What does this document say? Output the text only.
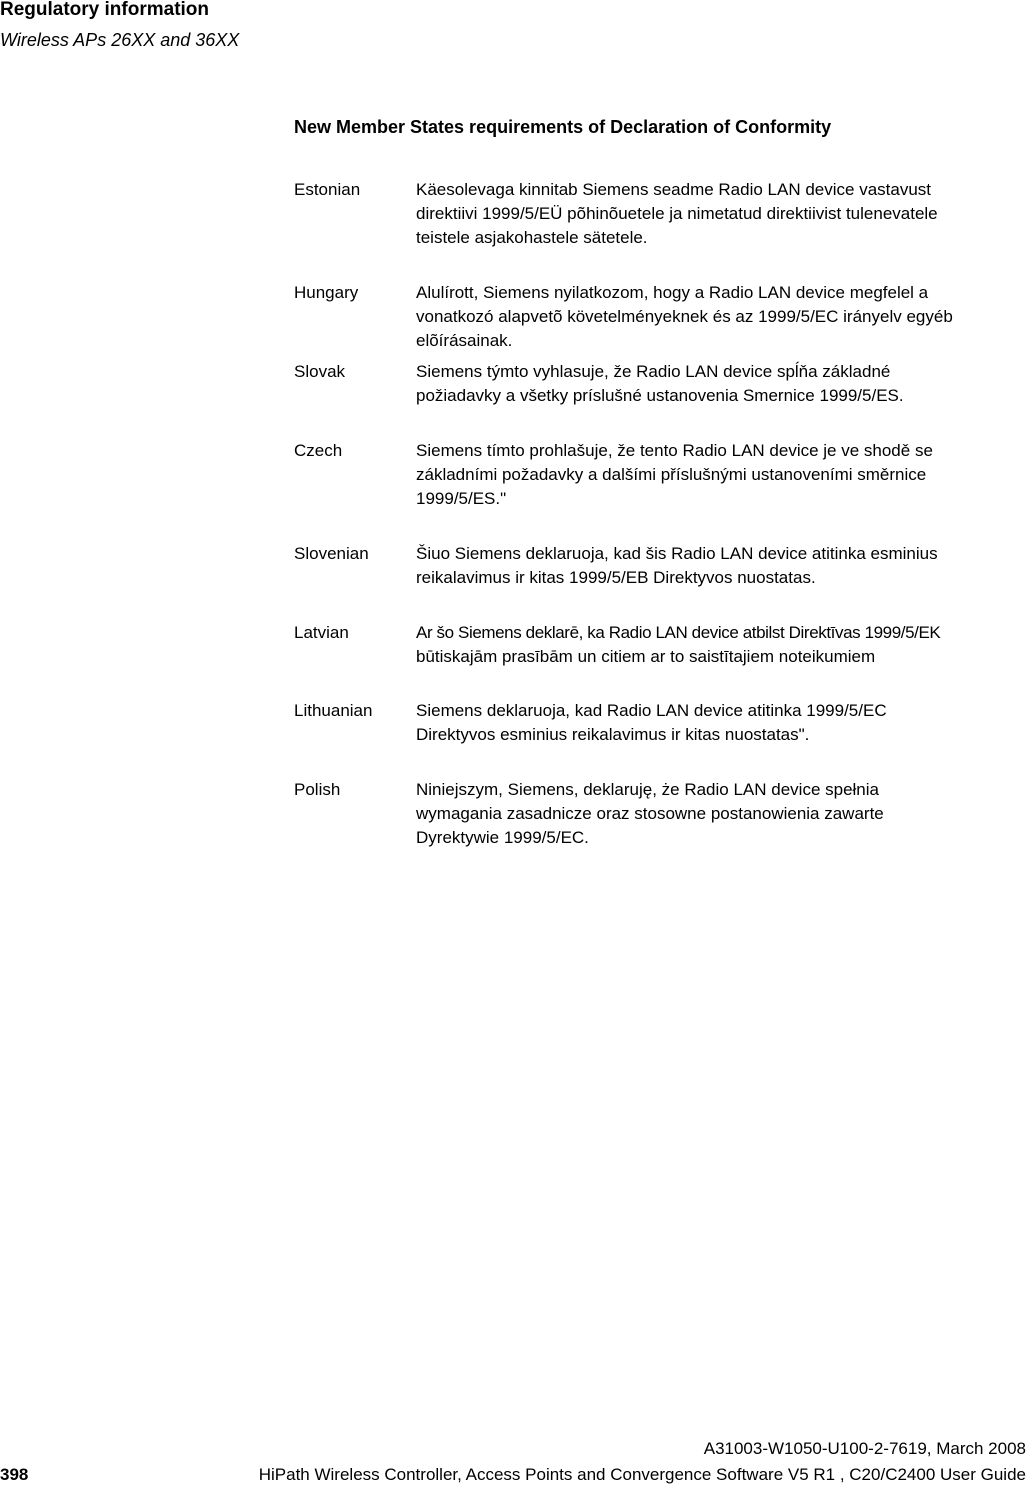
Regulatory information
Wireless APs 26XX and 36XX
New Member States requirements of Declaration of Conformity
Estonian	Käesolevaga kinnitab Siemens seadme Radio LAN device vastavust
direktiivi 1999/5/EÜ põhinõuetele ja nimetatud direktiivist tulenevatele
teistele asjakohastele sätetele.
Hungary	Alulírott, Siemens nyilatkozom, hogy a Radio LAN device megfelel a
vonatkozó alapvetõ követelményeknek és az 1999/5/EC irányelv egyéb
elõírásainak.
Slovak	Siemens týmto vyhlasuje, že Radio LAN device spĺňa základné
požiadavky a všetky príslušné ustanovenia Smernice 1999/5/ES.
Czech	Siemens tímto prohlašuje, že tento Radio LAN device je ve shodě se
základními požadavky a dalšími příslušnými ustanoveními směrnice
1999/5/ES."
Slovenian	Šiuo Siemens deklaruoja, kad šis Radio LAN device atitinka esminius
reikalavimus ir kitas 1999/5/EB Direktyvos nuostatas.
Latvian	Ar šo Siemens deklarē, ka Radio LAN device atbilst Direktīvas 1999/5/EK
būtiskajām prasībām un citiem ar to saistītajiem noteikumiem
Lithuanian	Siemens deklaruoja, kad Radio LAN device atitinka 1999/5/EC
Direktyvos esminius reikalavimus ir kitas nuostatas".
Polish	Niniejszym, Siemens, deklaruję, że Radio LAN device spełnia
wymagania zasadnicze oraz stosowne postanowienia zawarte
Dyrektywie 1999/5/EC.
A31003-W1050-U100-2-7619, March 2008
398	HiPath Wireless Controller, Access Points and Convergence Software V5 R1 , C20/C2400 User Guide
